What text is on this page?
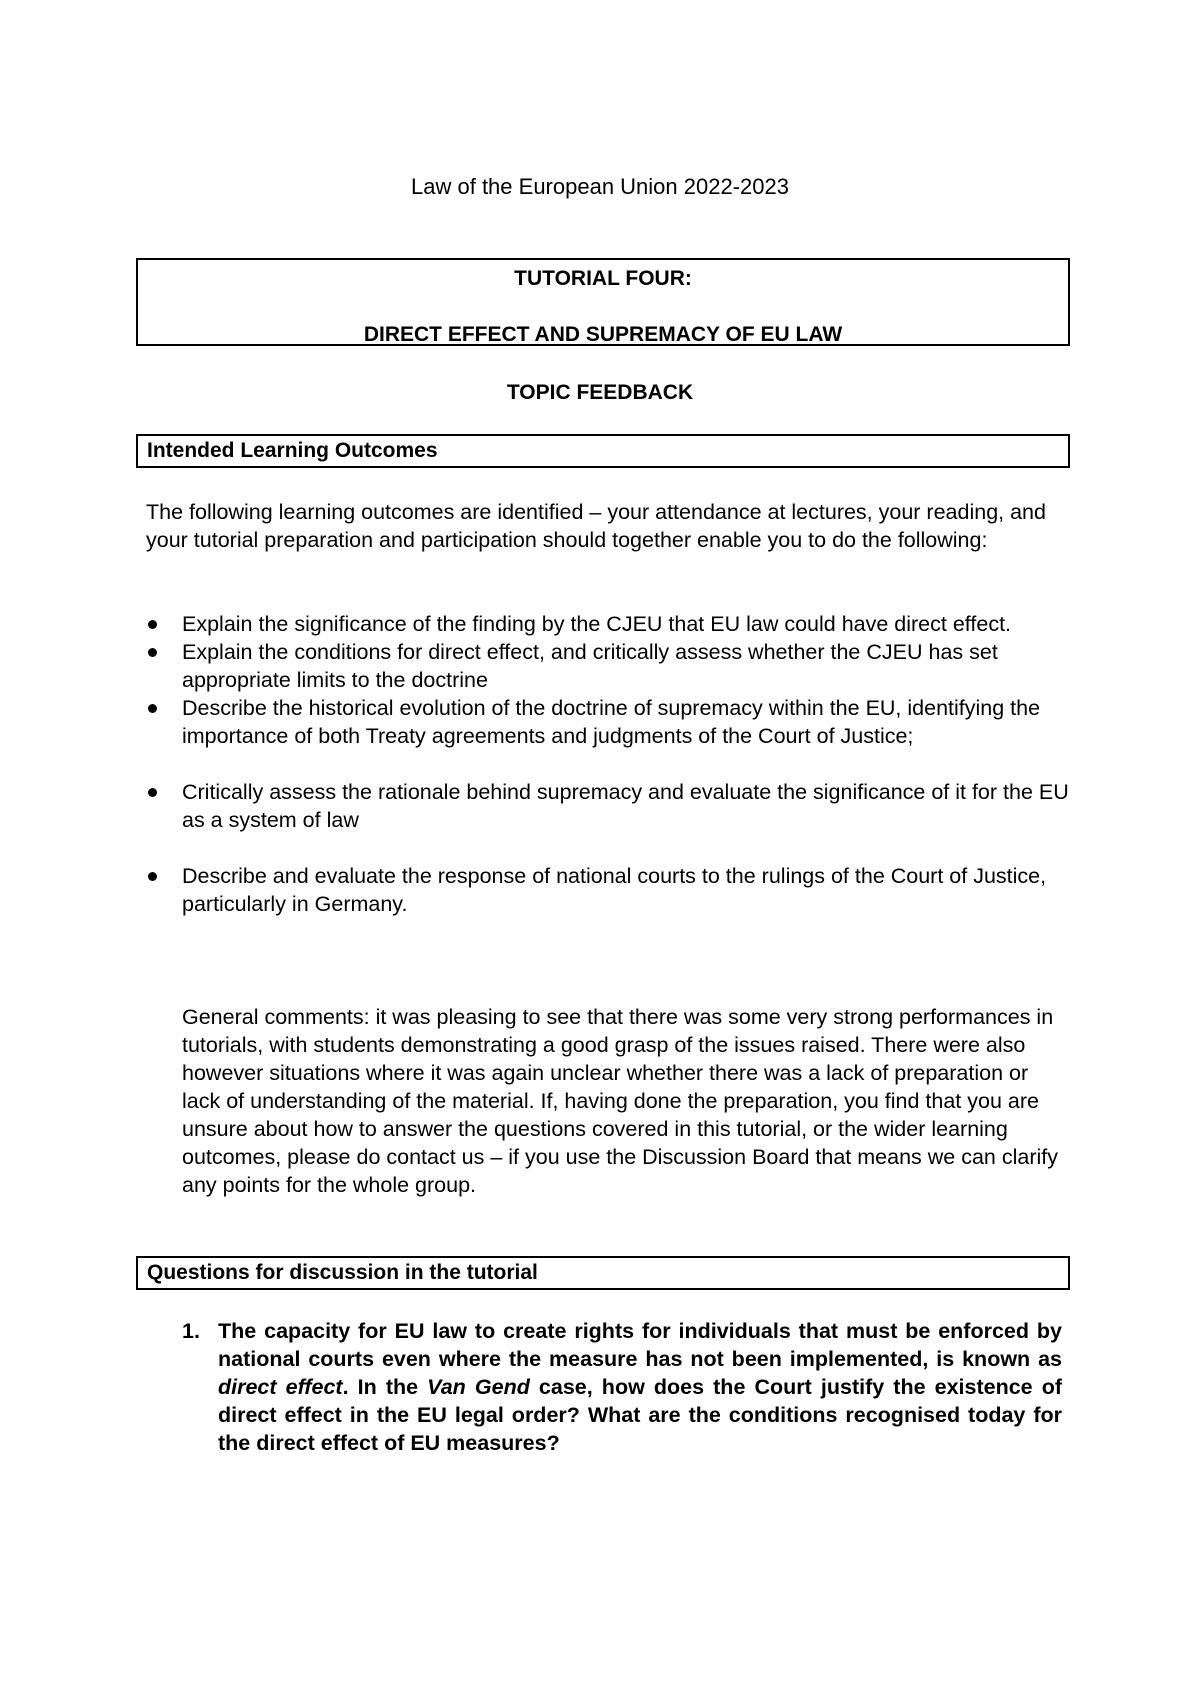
Law of the European Union 2022-2023
TUTORIAL FOUR:
DIRECT EFFECT AND SUPREMACY OF EU LAW
TOPIC FEEDBACK
Intended Learning Outcomes
The following learning outcomes are identified – your attendance at lectures, your reading, and your tutorial preparation and participation should together enable you to do the following:
Explain the significance of the finding by the CJEU that EU law could have direct effect.
Explain the conditions for direct effect, and critically assess whether the CJEU has set appropriate limits to the doctrine
Describe the historical evolution of the doctrine of supremacy within the EU, identifying the importance of both Treaty agreements and judgments of the Court of Justice;
Critically assess the rationale behind supremacy and evaluate the significance of it for the EU as a system of law
Describe and evaluate the response of national courts to the rulings of the Court of Justice, particularly in Germany.
General comments: it was pleasing to see that there was some very strong performances in tutorials, with students demonstrating a good grasp of the issues raised. There were also however situations where it was again unclear whether there was a lack of preparation or lack of understanding of the material. If, having done the preparation, you find that you are unsure about how to answer the questions covered in this tutorial, or the wider learning outcomes, please do contact us – if you use the Discussion Board that means we can clarify any points for the whole group.
Questions for discussion in the tutorial
1. The capacity for EU law to create rights for individuals that must be enforced by national courts even where the measure has not been implemented, is known as direct effect. In the Van Gend case, how does the Court justify the existence of direct effect in the EU legal order? What are the conditions recognised today for the direct effect of EU measures?
